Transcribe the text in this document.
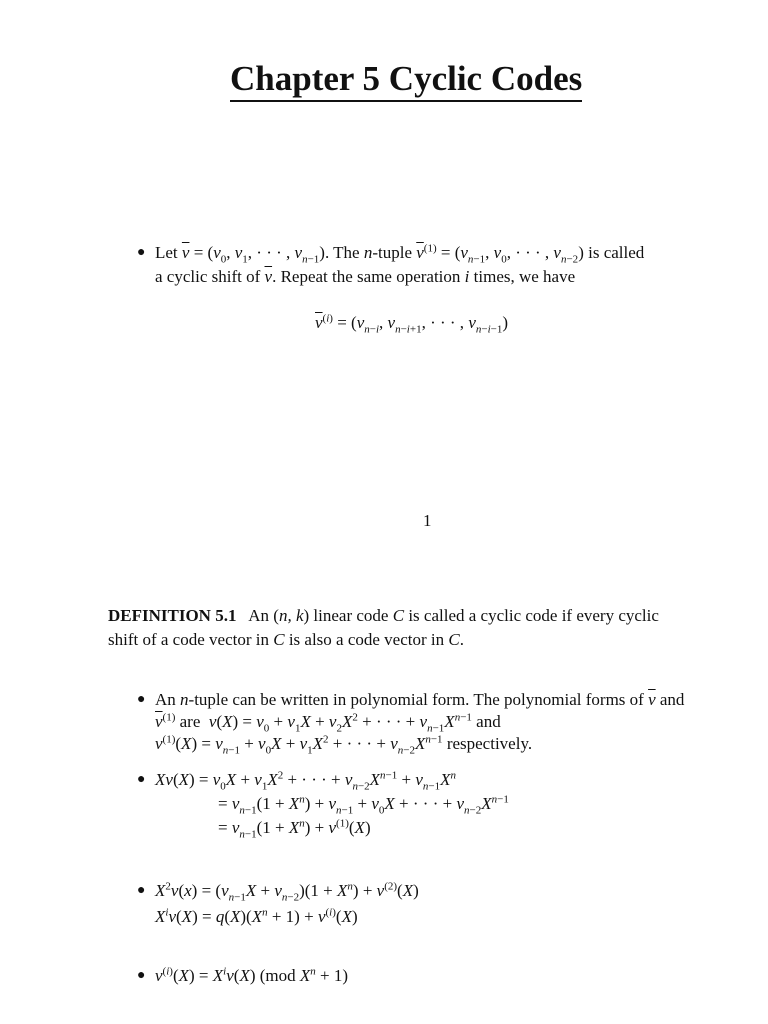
Chapter 5 Cyclic Codes
● Let $\overline{v} = (v_0$, $v_1$, · · · , $v_{n-1}$). The n-tuple $\overline{v}^{(1)} = (v_{n-1}$, $v_0$, · · · , $v_{n-2}$) is called
a cyclic shift of $\overline{v}$. Repeat the same operation i times, we have
$\overline{v}^{(i)} = (v_{n-i}$, $v_{n-i+1}$, · · · , $v_{n-i-1}$)
1
DEFINITION 5.1   An (n, k) linear code C is called a cyclic code if every cyclic
shift of a code vector in C is also a code vector in C.
● An n-tuple can be written in polynomial form. The polynomial forms of $\overline{v}$ and
$\overline{v}^{(1)}$ are  $v(X) = v_0 + v_1X + v_2X^2$ + · · · + $v_{n-1}X^{n-1}$ and
$v^{(1)}(X) = v_{n-1} + v_0X + v_1X^2$ + · · · + $v_{n-2}X^{n-1}$ respectively.
● $Xv(X) = v_0X + v_1X^2$ + · · · + $v_{n-2}X^{n-1} + v_{n-1}X^n$
= $v_{n-1}(1 + X^n) + v_{n-1} + v_0X$ + · · · + $v_{n-2}X^{n-1}$
= $v_{n-1}(1 + X^n) + v^{(1)}(X)$
● $X^2v(x) = (v_{n-1}X + v_{n-2})(1 + X^n) + v^{(2)}(X)$
$X^iv(X) = q(X)(X^n + 1) + v^{(i)}(X)$
● $v^{(i)}(X) = X^iv(X)$ (mod $X^n + 1$)
